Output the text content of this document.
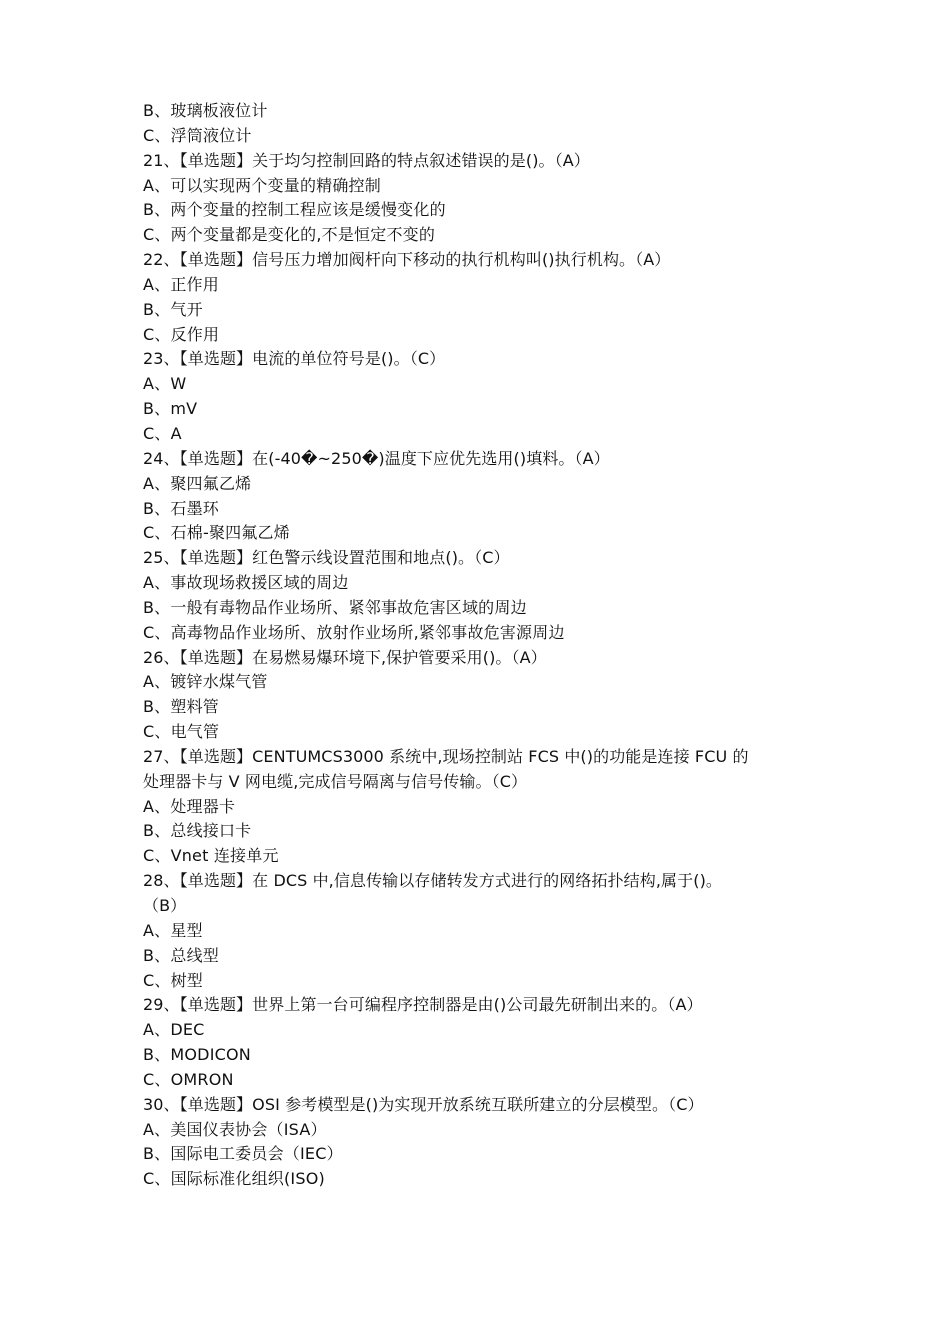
B、玻璃板液位计
C、浮筒液位计
21、【单选题】关于均匀控制回路的特点叙述错误的是()。（A）
A、可以实现两个变量的精确控制
B、两个变量的控制工程应该是缓慢变化的
C、两个变量都是变化的,不是恒定不变的
22、【单选题】信号压力增加阀杆向下移动的执行机构叫()执行机构。（A）
A、正作用
B、气开
C、反作用
23、【单选题】电流的单位符号是()。（C）
A、W
B、mV
C、A
24、【单选题】在(-40�~250�)温度下应优先选用()填料。（A）
A、聚四氟乙烯
B、石墨环
C、石棉-聚四氟乙烯
25、【单选题】红色警示线设置范围和地点()。（C）
A、事故现场救援区域的周边
B、一般有毒物品作业场所、紧邻事故危害区域的周边
C、高毒物品作业场所、放射作业场所,紧邻事故危害源周边
26、【单选题】在易燃易爆环境下,保护管要采用()。（A）
A、镀锌水煤气管
B、塑料管
C、电气管
27、【单选题】CENTUMCS3000 系统中,现场控制站 FCS 中()的功能是连接 FCU 的
处理器卡与 V 网电缆,完成信号隔离与信号传输。（C）
A、处理器卡
B、总线接口卡
C、Vnet 连接单元
28、【单选题】在 DCS 中,信息传输以存储转发方式进行的网络拓扑结构,属于()。
（B）
A、星型
B、总线型
C、树型
29、【单选题】世界上第一台可编程序控制器是由()公司最先研制出来的。（A）
A、DEC
B、MODICON
C、OMRON
30、【单选题】OSI 参考模型是()为实现开放系统互联所建立的分层模型。（C）
A、美国仪表协会（ISA）
B、国际电工委员会（IEC）
C、国际标准化组织(ISO)
